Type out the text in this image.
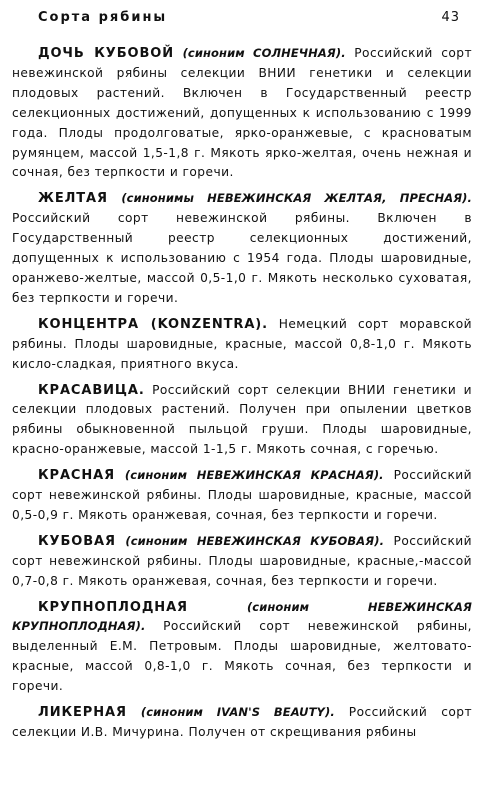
Сорта рябины	43

ДОЧЬ КУБОВОЙ (синоним СОЛНЕЧНАЯ). Российский сорт невежинской рябины селекции ВНИИ генетики и селекции плодовых растений. Включен в Государственный реестр селекционных достижений, допущенных к использованию с 1999 года. Плоды продолговатые, ярко-оранжевые, с красноватым румянцем, массой 1,5-1,8 г. Мякоть ярко-желтая, очень нежная и сочная, без терпкости и горечи.

ЖЕЛТАЯ (синонимы НЕВЕЖИНСКАЯ ЖЕЛТАЯ, ПРЕСНАЯ). Российский сорт невежинской рябины. Включен в Государственный реестр селекционных достижений, допущенных к использованию с 1954 года. Плоды шаровидные, оранжево-желтые, массой 0,5-1,0 г. Мякоть несколько суховатая, без терпкости и горечи.

КОНЦЕНТРА (KONZENTRA). Немецкий сорт моравской рябины. Плоды шаровидные, красные, массой 0,8-1,0 г. Мякоть кисло-сладкая, приятного вкуса.

КРАСАВИЦА. Российский сорт селекции ВНИИ генетики и селекции плодовых растений. Получен при опылении цветков рябины обыкновенной пыльцой груши. Плоды шаровидные, красно-оранжевые, массой 1-1,5 г. Мякоть сочная, с горечью.

КРАСНАЯ (синоним НЕВЕЖИНСКАЯ КРАСНАЯ). Российский сорт невежинской рябины. Плоды шаровидные, красные, массой 0,5-0,9 г. Мякоть оранжевая, сочная, без терпкости и горечи.

КУБОВАЯ (синоним НЕВЕЖИНСКАЯ КУБОВАЯ). Российский сорт невежинской рябины. Плоды шаровидные, красные,-массой 0,7-0,8 г. Мякоть оранжевая, сочная, без терпкости и горечи.

КРУПНОПЛОДНАЯ	(синоним НЕВЕЖИНСКАЯ КРУПНОПЛОДНАЯ). Российский сорт невежинской рябины, выделенный Е.М. Петровым. Плоды шаровидные, желтовато-красные, массой 0,8-1,0 г. Мякоть сочная, без терпкости и горечи.

ЛИКЕРНАЯ (синоним IVAN'S BEAUTY). Российский сорт селекции И.В. Мичурина. Получен от скрещивания рябины
